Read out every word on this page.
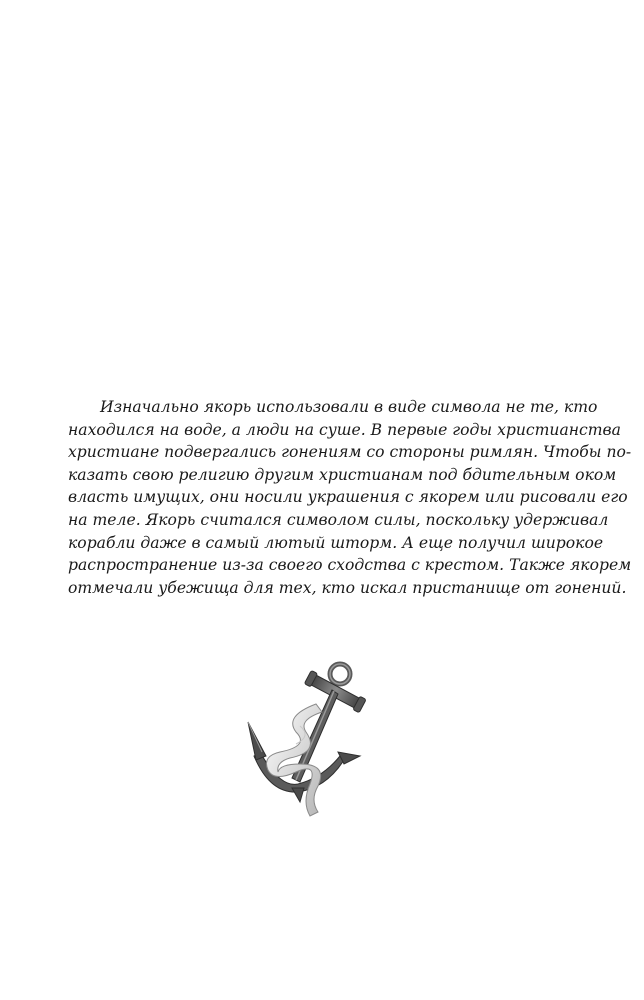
Изначально якорь использовали в виде символа не те, кто
находился на воде, а люди на суше. В первые годы христианства
христиане подвергались гонениям со стороны римлян. Чтобы по-
казать свою религию другим христианам под бдительным оком
власть имущих, они носили украшения с якорем или рисовали его
на теле. Якорь считался символом силы, поскольку удерживал
корабли даже в самый лютый шторм. А еще получил широкое
распространение из-за своего сходства с крестом. Также якорем
отмечали убежища для тех, кто искал пристанище от гонений.
